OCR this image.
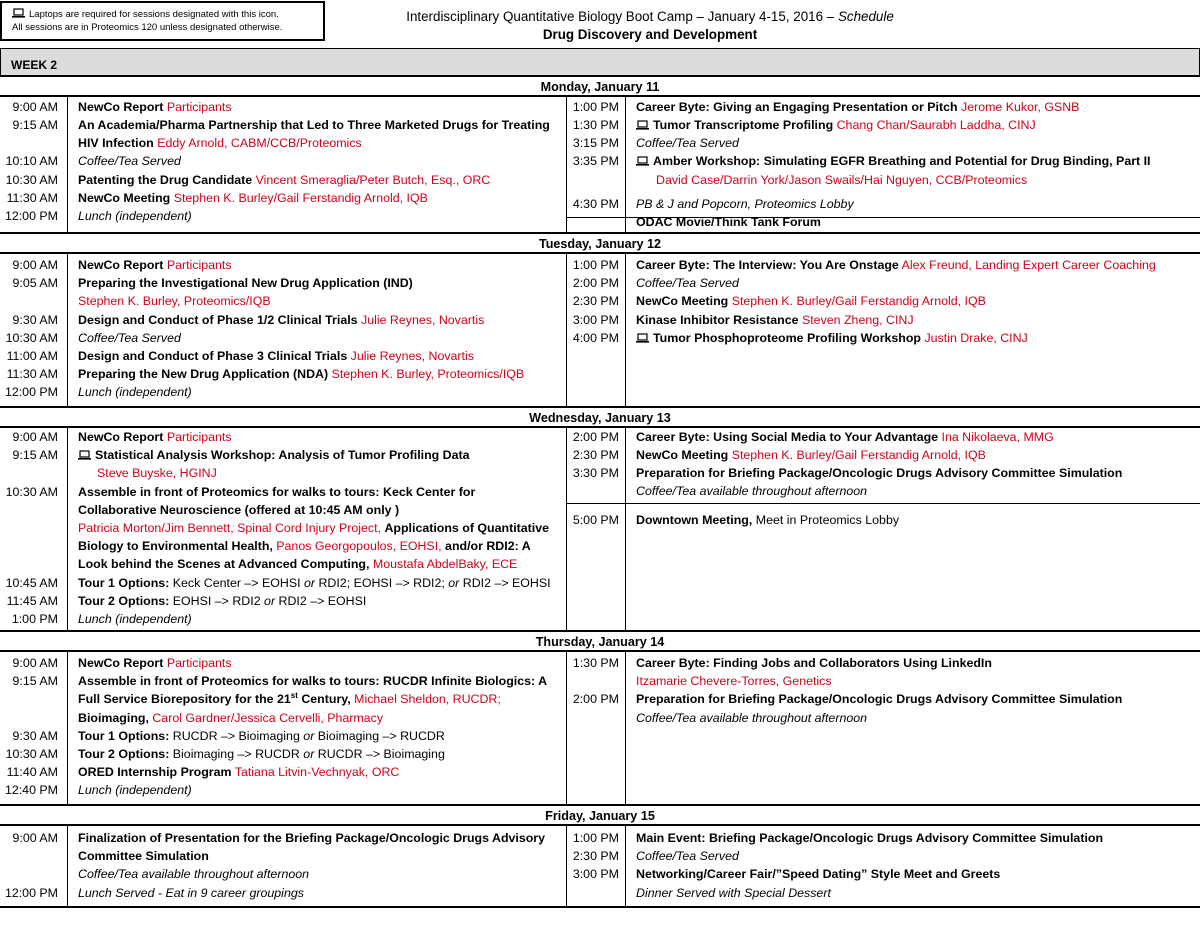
Laptops are required for sessions designated with this icon.
All sessions are in Proteomics 120 unless designated otherwise.
Interdisciplinary Quantitative Biology Boot Camp – January 4-15, 2016 – Schedule
Drug Discovery and Development
WEEK 2
Monday, January 11
9:00 AM
9:15 AM
10:10 AM
10:30 AM
11:30 AM
12:00 PM
NewCo Report Participants
An Academia/Pharma Partnership that Led to Three Marketed Drugs for Treating
HIV Infection Eddy Arnold, CABM/CCB/Proteomics
Coffee/Tea Served
Patenting the Drug Candidate Vincent Smeraglia/Peter Butch, Esq., ORC
NewCo Meeting Stephen K. Burley/Gail Ferstandig Arnold, IQB
Lunch (independent)
1:00 PM
1:30 PM
3:15 PM
3:35 PM
4:30 PM
Career Byte: Giving an Engaging Presentation or Pitch Jerome Kukor, GSNB
Tumor Transcriptome Profiling Chang Chan/Saurabh Laddha, CINJ
Coffee/Tea Served
Amber Workshop: Simulating EGFR Breathing and Potential for Drug Binding, Part II
David Case/Darrin York/Jason Swails/Hai Nguyen, CCB/Proteomics
PB & J and Popcorn, Proteomics Lobby
ODAC Movie/Think Tank Forum
Tuesday, January 12
9:00 AM
9:05 AM
9:30 AM
10:30 AM
11:00 AM
11:30 AM
12:00 PM
NewCo Report Participants
Preparing the Investigational New Drug Application (IND)
Stephen K. Burley, Proteomics/IQB
Design and Conduct of Phase 1/2 Clinical Trials Julie Reynes, Novartis
Coffee/Tea Served
Design and Conduct of Phase 3 Clinical Trials Julie Reynes, Novartis
Preparing the New Drug Application (NDA) Stephen K. Burley, Proteomics/IQB
Lunch (independent)
1:00 PM
2:00 PM
2:30 PM
3:00 PM
4:00 PM
Career Byte: The Interview: You Are Onstage Alex Freund, Landing Expert Career Coaching
Coffee/Tea Served
NewCo Meeting Stephen K. Burley/Gail Ferstandig Arnold, IQB
Kinase Inhibitor Resistance Steven Zheng, CINJ
Tumor Phosphoproteome Profiling Workshop Justin Drake, CINJ
Wednesday, January 13
9:00 AM
9:15 AM
10:30 AM
10:45 AM
11:45 AM
1:00 PM
NewCo Report Participants
Statistical Analysis Workshop: Analysis of Tumor Profiling Data
Steve Buyske, HGINJ
Assemble in front of Proteomics for walks to tours: Keck Center for
Collaborative Neuroscience (offered at 10:45 AM only )
Patricia Morton/Jim Bennett, Spinal Cord Injury Project, Applications of Quantitative
Biology to Environmental Health, Panos Georgopoulos, EOHSI, and/or RDI2: A
Look behind the Scenes at Advanced Computing, Moustafa AbdelBaky, ECE
Tour 1 Options: Keck Center –> EOHSI or RDI2; EOHSI –> RDI2; or RDI2 –> EOHSI
Tour 2 Options: EOHSI –> RDI2 or RDI2 –> EOHSI
Lunch (independent)
2:00 PM
2:30 PM
3:30 PM
5:00 PM
Career Byte: Using Social Media to Your Advantage Ina Nikolaeva, MMG
NewCo Meeting Stephen K. Burley/Gail Ferstandig Arnold, IQB
Preparation for Briefing Package/Oncologic Drugs Advisory Committee Simulation
Coffee/Tea available throughout afternoon
Downtown Meeting, Meet in Proteomics Lobby
Thursday, January 14
9:00 AM
9:15 AM
9:30 AM
10:30 AM
11:40 AM
12:40 PM
NewCo Report Participants
Assemble in front of Proteomics for walks to tours: RUCDR Infinite Biologics: A
Full Service Biorepository for the 21st Century, Michael Sheldon, RUCDR;
Bioimaging, Carol Gardner/Jessica Cervelli, Pharmacy
Tour 1 Options: RUCDR –> Bioimaging or Bioimaging –> RUCDR
Tour 2 Options: Bioimaging –> RUCDR or RUCDR –> Bioimaging
ORED Internship Program Tatiana Litvin-Vechnyak, ORC
Lunch (independent)
1:30 PM
2:00 PM
Career Byte: Finding Jobs and Collaborators Using LinkedIn
Itzamarie Chevere-Torres, Genetics
Preparation for Briefing Package/Oncologic Drugs Advisory Committee Simulation
Coffee/Tea available throughout afternoon
Friday, January 15
9:00 AM
12:00 PM
Finalization of Presentation for the Briefing Package/Oncologic Drugs Advisory
Committee Simulation
Coffee/Tea available throughout afternoon
Lunch Served - Eat in 9 career groupings
1:00 PM
2:30 PM
3:00 PM
Main Event: Briefing Package/Oncologic Drugs Advisory Committee Simulation
Coffee/Tea Served
Networking/Career Fair/”Speed Dating” Style Meet and Greets
Dinner Served with Special Dessert
